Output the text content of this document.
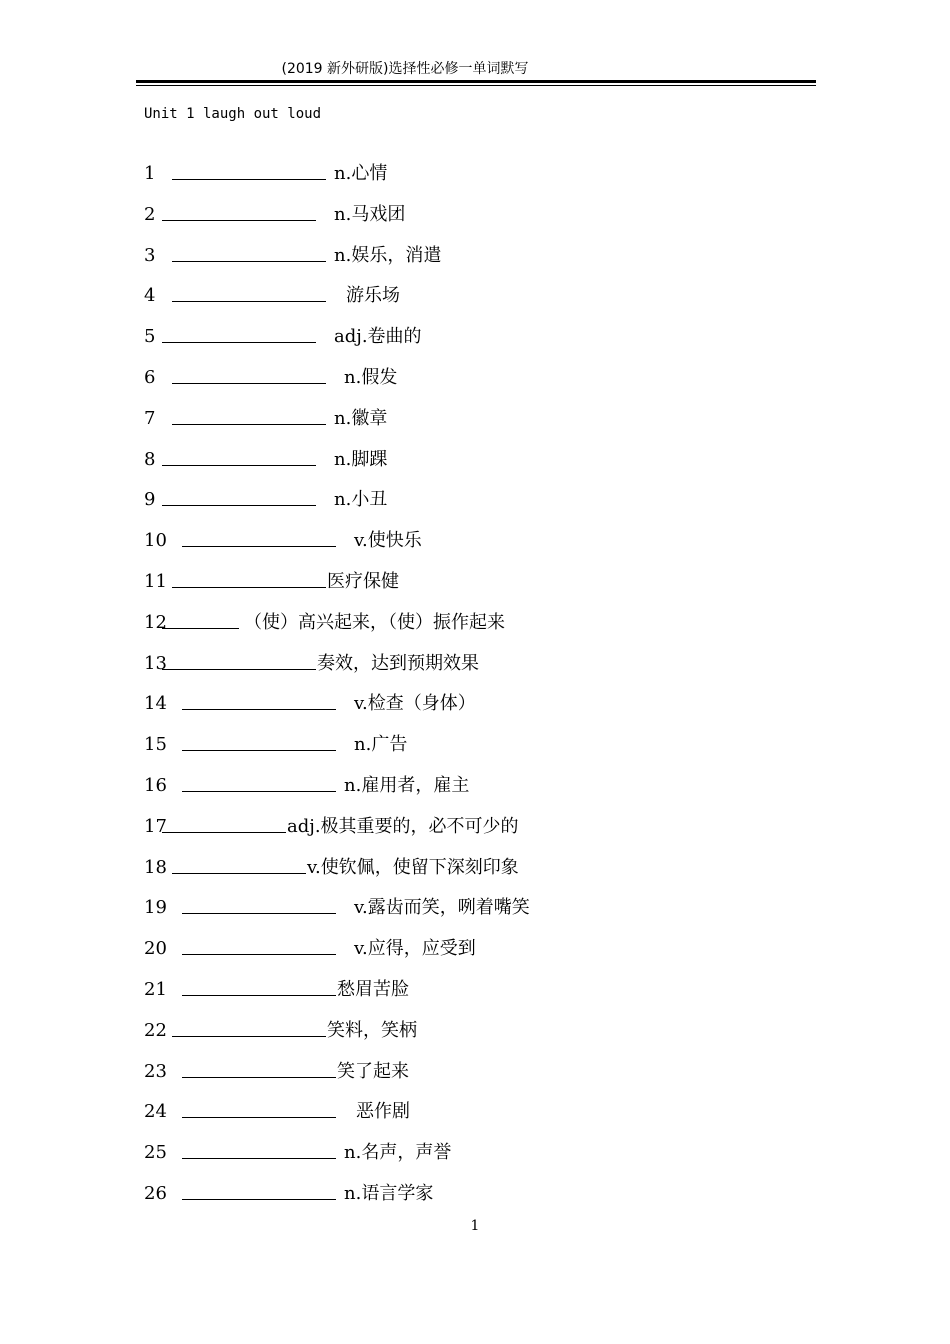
(2019 新外研版)选择性必修一单词默写
Unit 1 laugh out loud
1	n.心情
2	n.马戏团
3	n.娱乐，消遣
4	游乐场
5	adj.卷曲的
6	n.假发
7	n.徽章
8	n.脚踝
9	n.小丑
10	v.使快乐
11	医疗保健
12	（使）高兴起来，（使）振作起来
13	奏效，达到预期效果
14	v.检查（身体）
15	n.广告
16	n.雇用者，雇主
17	adj.极其重要的，必不可少的
18	v.使钦佩，使留下深刻印象
19	v.露齿而笑，咧着嘴笑
20	v.应得，应受到
21	愁眉苦脸
22	笑料，笑柄
23	笑了起来
24	恶作剧
25	n.名声，声誉
26	n.语言学家
1
